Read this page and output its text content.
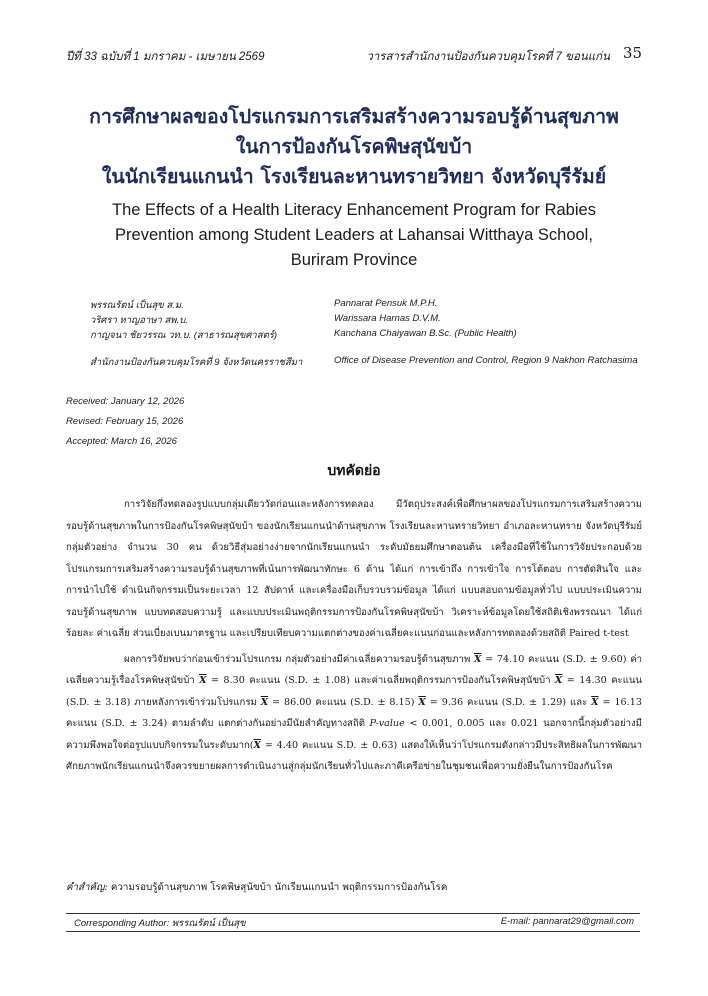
ปีที่ 33 ฉบับที่ 1 มกราคม - เมษายน 2569	วารสารสำนักงานป้องกันควบคุมโรคที่ 7 ขอนแก่น 35
การศึกษาผลของโปรแกรมการเสริมสร้างความรอบรู้ด้านสุขภาพ
ในการป้องกันโรคพิษสุนัขบ้า
ในนักเรียนแกนนำ โรงเรียนละหานทรายวิทยา จังหวัดบุรีรัมย์
The Effects of a Health Literacy Enhancement Program for Rabies
Prevention among Student Leaders at Lahansai Witthaya School,
Buriram Province
พรรณรัตน์ เป็นสุข ส.ม.	Pannarat Pensuk M.P.H.
วริศรา หาญอาษา สพ.บ.	Warissara Harnas D.V.M.
กาญจนา ชัยวรรณ วท.บ. (สาธารณสุขศาสตร์)	Kanchana Chaiyawan B.Sc. (Public Health)
สำนักงานป้องกันควบคุมโรคที่ 9 จังหวัดนครราชสีมา	Office of Disease Prevention and Control, Region 9 Nakhon Ratchasima
Received: January 12, 2026
Revised: February 15, 2026
Accepted: March 16, 2026
บทคัดย่อ

การวิจัยกึ่งทดลองรูปแบบกลุ่มเดียววัดก่อนและหลังการทดลอง มีวัตถุประสงค์เพื่อศึกษาผลของโปรแกรมการเสริมสร้างความรอบรู้ด้านสุขภาพในการป้องกันโรคพิษสุนัขบ้า ของนักเรียนแกนนำด้านสุขภาพ โรงเรียนละหานทรายวิทยา อำเภอละหานทราย จังหวัดบุรีรัมย์ กลุ่มตัวอย่าง จำนวน 30 คน ด้วยวิธีสุ่มอย่างง่ายจากนักเรียนแกนนำ ระดับมัธยมศึกษาตอนต้น เครื่องมือที่ใช้ในการวิจัยประกอบด้วย โปรแกรมการเสริมสร้างความรอบรู้ด้านสุขภาพที่เน้นการพัฒนาทักษะ 6 ด้าน ได้แก่ การเข้าถึง การเข้าใจ การโต้ตอบ การตัดสินใจ และการนำไปใช้ ดำเนินกิจกรรมเป็นระยะเวลา 12 สัปดาห์ และเครื่องมือเก็บรวบรวมข้อมูล ได้แก่ แบบสอบถามข้อมูลทั่วไป แบบประเมินความรอบรู้ด้านสุขภาพ แบบทดสอบความรู้ และแบบประเมินพฤติกรรมการป้องกันโรคพิษสุนัขบ้า วิเคราะห์ข้อมูลโดยใช้สถิติเชิงพรรณนา ได้แก่ ร้อยละ ค่าเฉลี่ย ส่วนเบี่ยงเบนมาตรฐาน และเปรียบเทียบความแตกต่างของค่าเฉลี่ยคะแนนก่อนและหลังการทดลองด้วยสถิติ Paired t-test

ผลการวิจัยพบว่าก่อนเข้าร่วมโปรแกรม กลุ่มตัวอย่างมีค่าเฉลี่ยความรอบรู้ด้านสุขภาพ $\overline{X} = 74.10$ คะแนน (S.D. ± 9.60) ค่าเฉลี่ยความรู้เรื่องโรคพิษสุนัขบ้า $\overline{X} = 8.30$ คะแนน (S.D. ± 1.08) และค่าเฉลี่ยพฤติกรรมการป้องกันโรคพิษสุนัขบ้า $\overline{X} = 14.30$ คะแนน (S.D. ± 3.18) ภายหลังการเข้าร่วมโปรแกรม $\overline{X} = 86.00$ คะแนน (S.D. ± 8.15) $\overline{X} = 9.36$ คะแนน (S.D. ± 1.29) และ $\overline{X} = 16.13$ คะแนน (S.D. ± 3.24) ตามลำดับ แตกต่างกันอย่างมีนัยสำคัญทางสถิติ P-value < 0.001, 0.005 และ 0.021 นอกจากนี้กลุ่มตัวอย่างมีความพึงพอใจต่อรูปแบบกิจกรรมในระดับมาก($\overline{X} = 4.40$ คะแนน S.D. ± 0.63) แสดงให้เห็นว่าโปรแกรมดังกล่าวมีประสิทธิผลในการพัฒนาศักยภาพนักเรียนแกนนำจึงควรขยายผลการดำเนินงานสู่กลุ่มนักเรียนทั่วไปและภาคีเครือข่ายในชุมชนเพื่อความยั่งยืนในการป้องกันโรค

คำสำคัญ: ความรอบรู้ด้านสุขภาพ โรคพิษสุนัขบ้า นักเรียนแกนนำ พฤติกรรมการป้องกันโรค
Corresponding Author: พรรณรัตน์ เป็นสุข	E-mail: pannarat29@gmail.com
